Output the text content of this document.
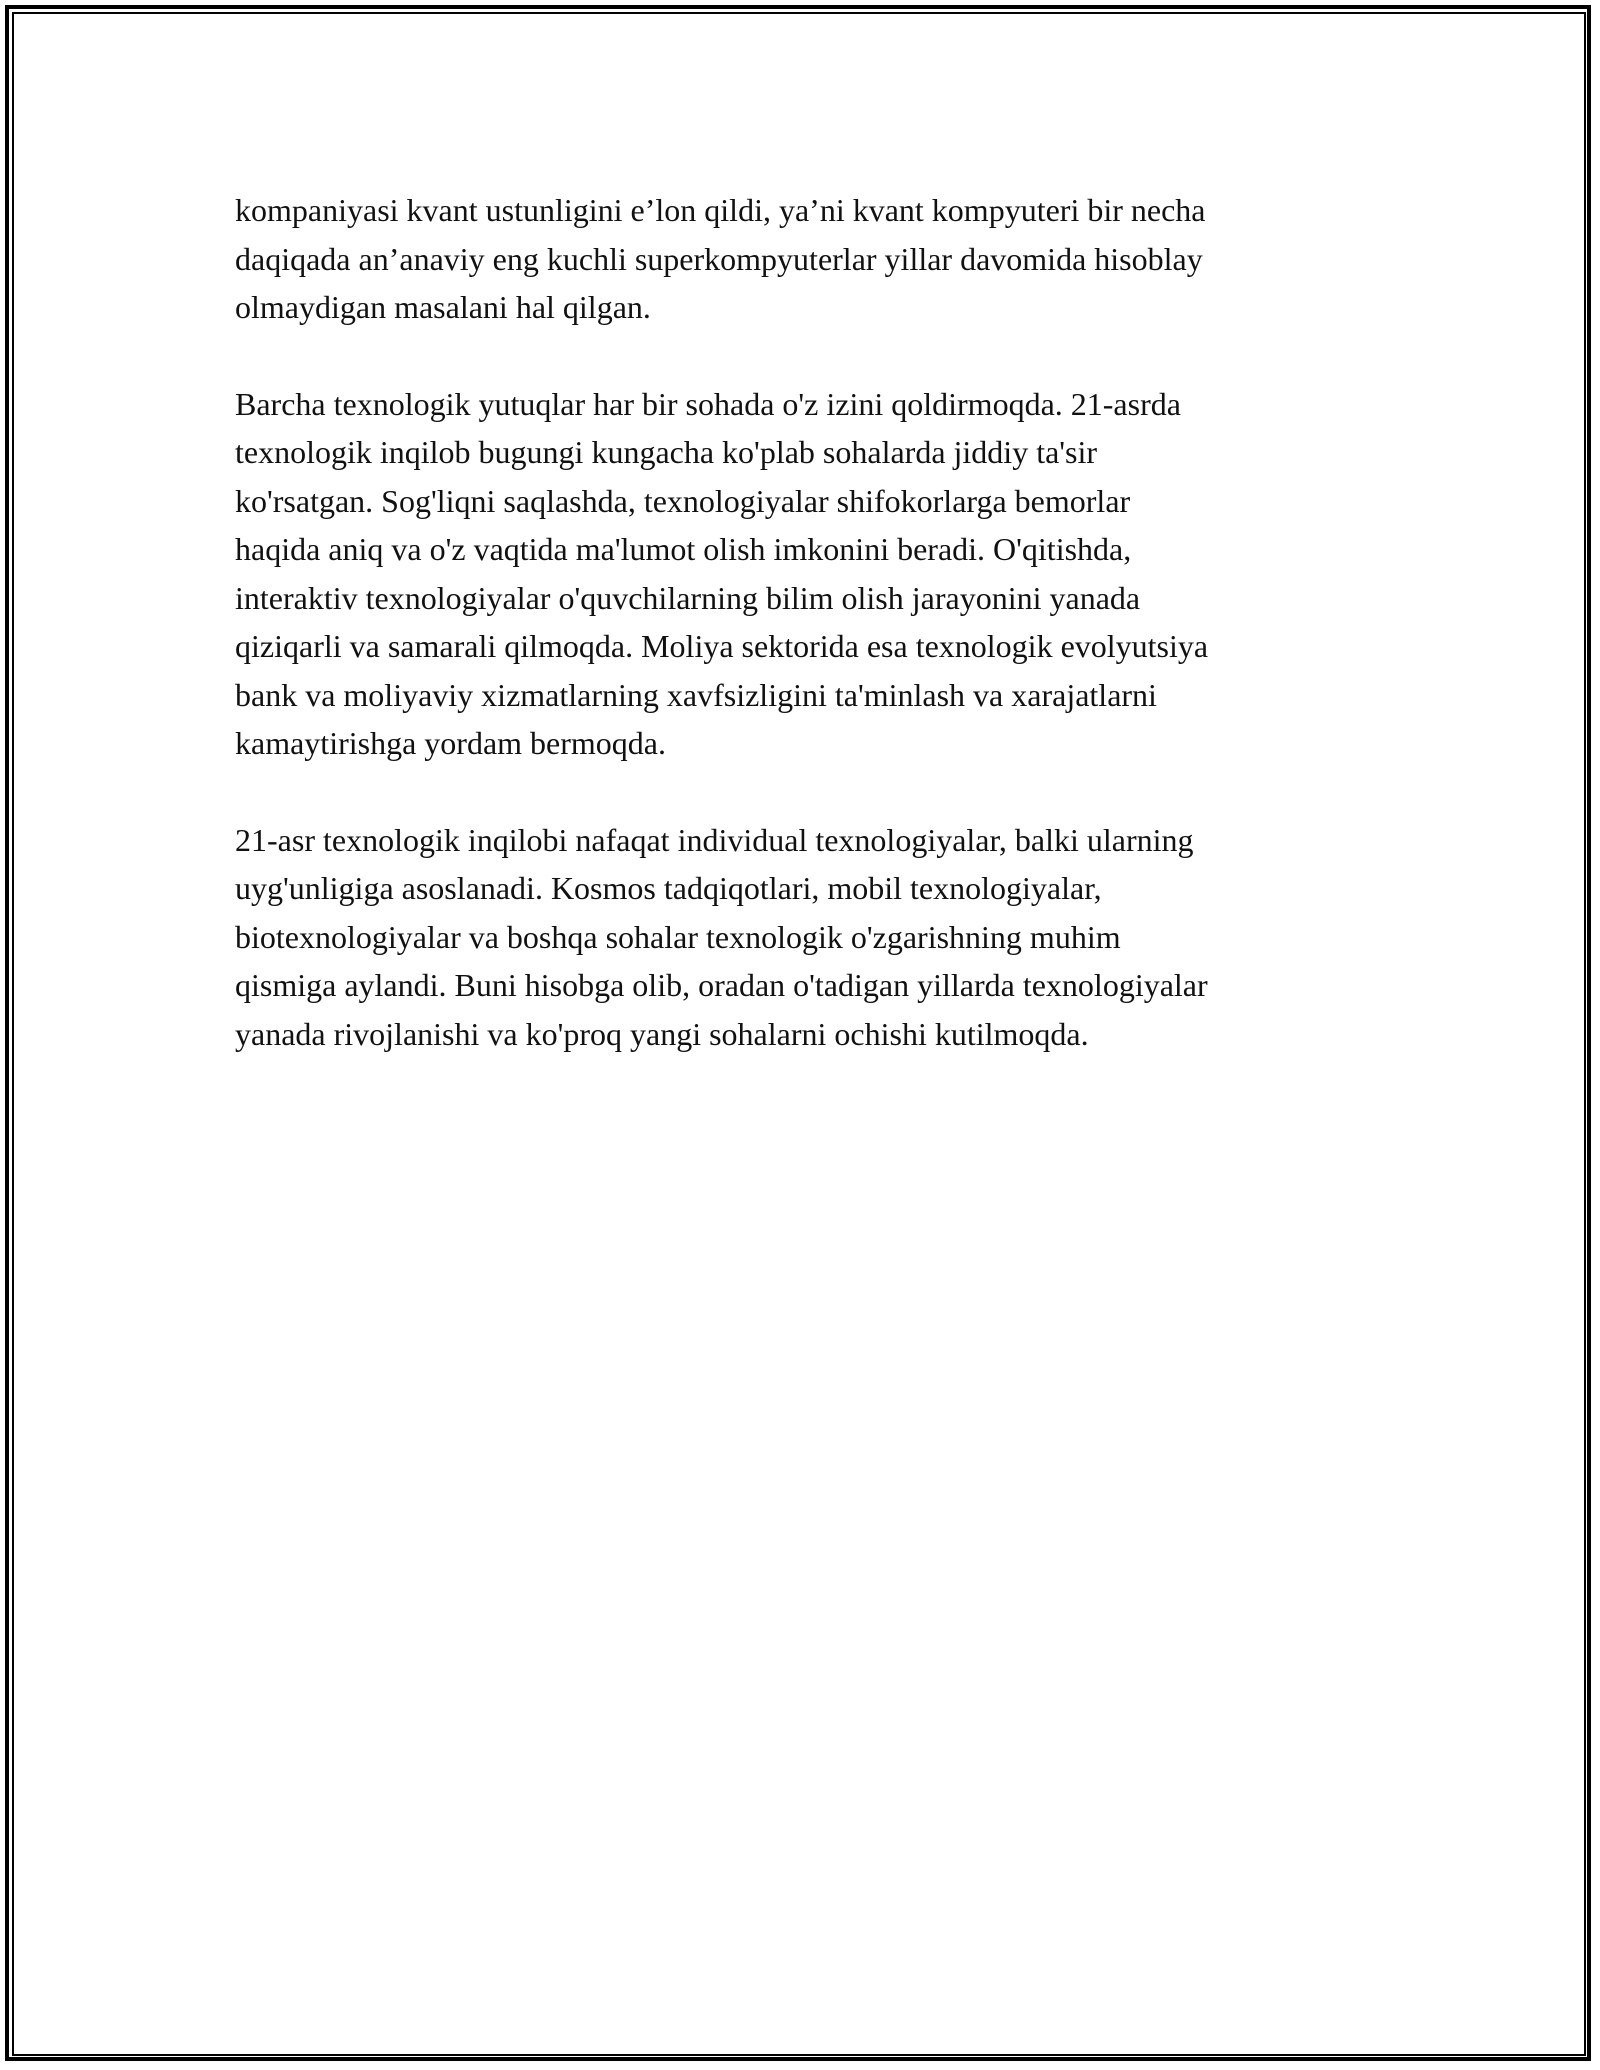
kompaniyasi kvant ustunligini e’lon qildi, ya’ni kvant kompyuteri bir necha
daqiqada an’anaviy eng kuchli superkompyuterlar yillar davomida hisoblay
olmaydigan masalani hal qilgan.

Barcha texnologik yutuqlar har bir sohada o'z izini qoldirmoqda. 21-asrda
texnologik inqilob bugungi kungacha ko'plab sohalarda jiddiy ta'sir
ko'rsatgan. Sog'liqni saqlashda, texnologiyalar shifokorlarga bemorlar
haqida aniq va o'z vaqtida ma'lumot olish imkonini beradi. O'qitishda,
interaktiv texnologiyalar o'quvchilarning bilim olish jarayonini yanada
qiziqarli va samarali qilmoqda. Moliya sektorida esa texnologik evolyutsiya
bank va moliyaviy xizmatlarning xavfsizligini ta'minlash va xarajatlarni
kamaytirishga yordam bermoqda.

21-asr texnologik inqilobi nafaqat individual texnologiyalar, balki ularning
uyg'unligiga asoslanadi. Kosmos tadqiqotlari, mobil texnologiyalar,
biotexnologiyalar va boshqa sohalar texnologik o'zgarishning muhim
qismiga aylandi. Buni hisobga olib, oradan o'tadigan yillarda texnologiyalar
yanada rivojlanishi va ko'proq yangi sohalarni ochishi kutilmoqda.
